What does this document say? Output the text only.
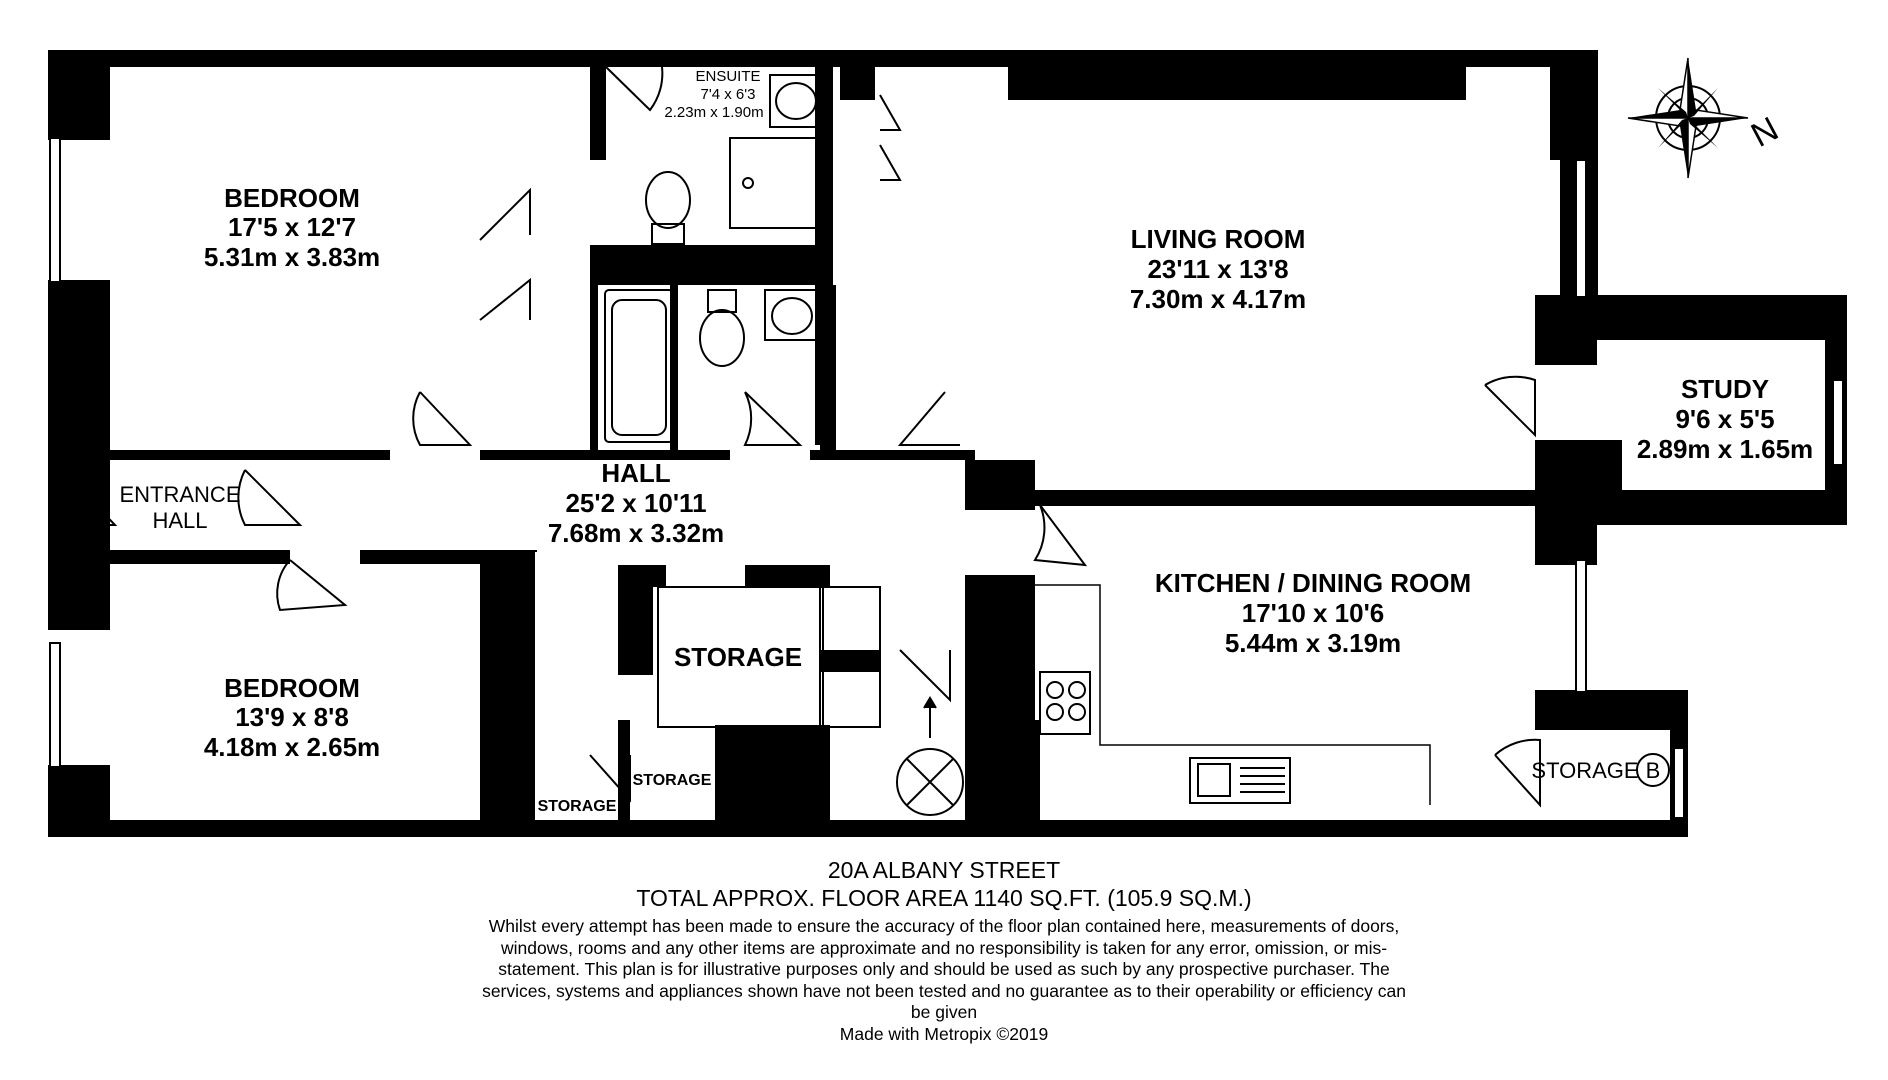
BEDROOM
17'5 x 12'7
5.31m x 3.83m
ENSUITE
7'4 x 6'3
2.23m x 1.90m
LIVING ROOM
23'11 x 13'8
7.30m x 4.17m
STUDY
9'6 x 5'5
2.89m x 1.65m
ENTRANCE
HALL
HALL
25'2 x 10'11
7.68m x 3.32m
KITCHEN / DINING ROOM
17'10 x 10'6
5.44m x 3.19m
STORAGE
BEDROOM
13'9 x 8'8
4.18m x 2.65m
STORAGE
STORAGE	STORAGE B
N
20A ALBANY STREET
TOTAL APPROX. FLOOR AREA 1140 SQ.FT. (105.9 SQ.M.)
Whilst every attempt has been made to ensure the accuracy of the floor plan contained here, measurements of doors, windows, rooms and any other items are approximate and no responsibility is taken for any error, omission, or mis-statement. This plan is for illustrative purposes only and should be used as such by any prospective purchaser. The services, systems and appliances shown have not been tested and no guarantee as to their operability or efficiency can be given
Made with Metropix ©2019
